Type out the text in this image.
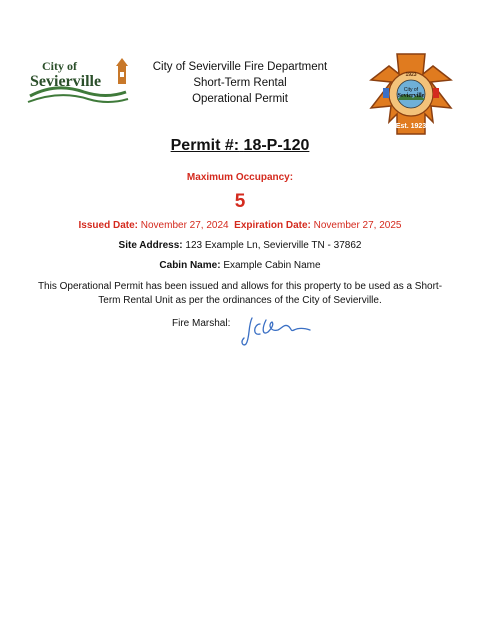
City of
Sevierville
City of Sevierville Fire Department
Short-Term Rental
Operational Permit
City of
Sevierville
1923
Est. 1923
Permit #: 18-P-120
Maximum Occupancy:
5
Issued Date: November 27, 2024 Expiration Date: November 27, 2025
Site Address: 123 Example Ln, Sevierville TN - 37862
Cabin Name: Example Cabin Name
This Operational Permit has been issued and allows for this property to be used as a Short-Term Rental Unit as per the ordinances of the City of Sevierville.
Fire Marshal:
